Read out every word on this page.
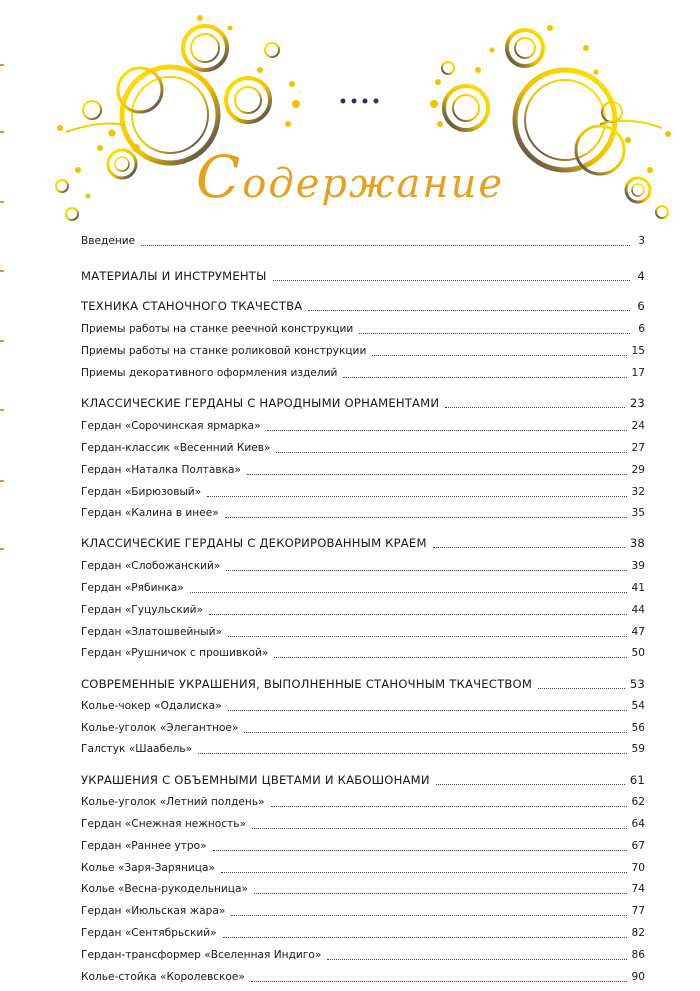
Содержание
Введение	3
МАТЕРИАЛЫ И ИНСТРУМЕНТЫ	4
ТЕХНИКА СТАНОЧНОГО ТКАЧЕСТВА	6
Приемы работы на станке реечной конструкции	6
Приемы работы на станке роликовой конструкции	15
Приемы декоративного оформления изделий	17
КЛАССИЧЕСКИЕ ГЕРДАНЫ С НАРОДНЫМИ ОРНАМЕНТАМИ	23
Гердан «Сорочинская ярмарка»	24
Гердан-классик «Весенний Киев»	27
Гердан «Наталка Полтавка»	29
Гердан «Бирюзовый»	32
Гердан «Калина в инее»	35
КЛАССИЧЕСКИЕ ГЕРДАНЫ С ДЕКОРИРОВАННЫМ КРАЕМ	38
Гердан «Слобожанский»	39
Гердан «Рябинка»	41
Гердан «Гуцульский»	44
Гердан «Златошвейный»	47
Гердан «Рушничок с прошивкой»	50
СОВРЕМЕННЫЕ УКРАШЕНИЯ, ВЫПОЛНЕННЫЕ СТАНОЧНЫМ ТКАЧЕСТВОМ	53
Колье-чокер «Одалиска»	54
Колье-уголок «Элегантное»	56
Галстук «Шаабель»	59
УКРАШЕНИЯ С ОБЪЕМНЫМИ ЦВЕТАМИ И КАБОШОНАМИ	61
Колье-уголок «Летний полдень»	62
Гердан «Снежная нежность»	64
Гердан «Раннее утро»	67
Колье «Заря-Заряница»	70
Колье «Весна-рукодельница»	74
Гердан «Июльская жара»	77
Гердан «Сентябрьский»	82
Гердан-трансформер «Вселенная Индиго»	86
Колье-стойка «Королевское»	90
